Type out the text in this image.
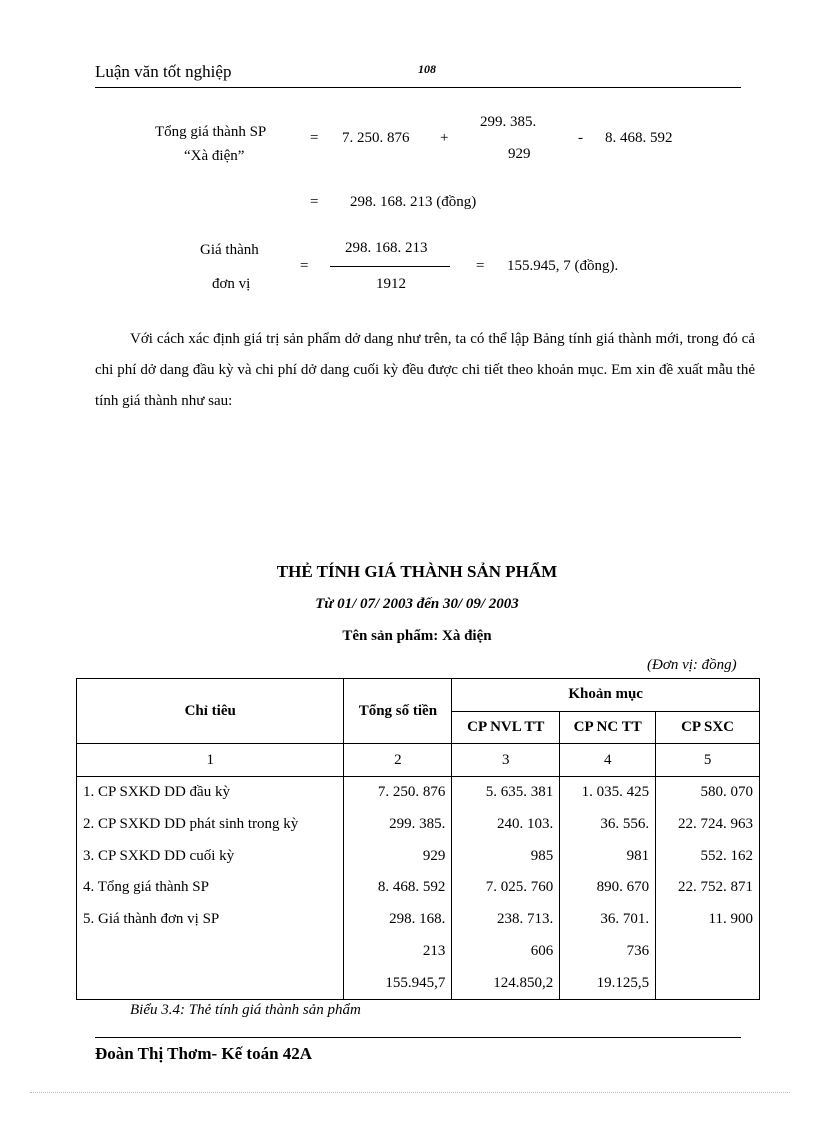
Luận văn tốt nghiệp	108
Tổng giá thành SP
“Xà điện”
= 7. 250. 876 +
299. 385.
929
- 8. 468. 592
= 298. 168. 213 (đồng)
Giá thành
đơn vị
=
298. 168. 213
1912
= 155.945, 7 (đồng).
Với cách xác định giá trị sản phẩm dở dang như trên, ta có thể lập Bảng tính giá thành mới, trong đó cả chi phí dở dang đầu kỳ và chi phí dở dang cuối kỳ đều được chi tiết theo khoản mục. Em xin đề xuất mẫu thẻ tính giá thành như sau:
THẺ TÍNH GIÁ THÀNH SẢN PHẨM
Từ 01/ 07/ 2003 đến 30/ 09/ 2003
Tên sản phẩm: Xà điện
(Đơn vị: đồng)
Chỉ tiêu	Tổng số tiền	Khoản mục		
		CP NVL TT	CP NC TT	CP SXC
1	2	3	4	5
1. CP SXKD DD đầu kỳ	7. 250. 876	5. 635. 381	1. 035. 425	580. 070
2. CP SXKD DD phát sinh trong kỳ	299. 385.	240. 103.	36. 556.	22. 724. 963
3. CP SXKD DD cuối kỳ	929	985	981	552. 162
4. Tổng giá thành SP	8. 468. 592	7. 025. 760	890. 670	22. 752. 871
5. Giá thành đơn vị SP	298. 168.	238. 713.	36. 701.	11. 900
	213	606	736	
	155.945,7	124.850,2	19.125,5	
Biểu 3.4: Thẻ tính giá thành sản phẩm
Đoàn Thị Thơm- Kế toán 42A
